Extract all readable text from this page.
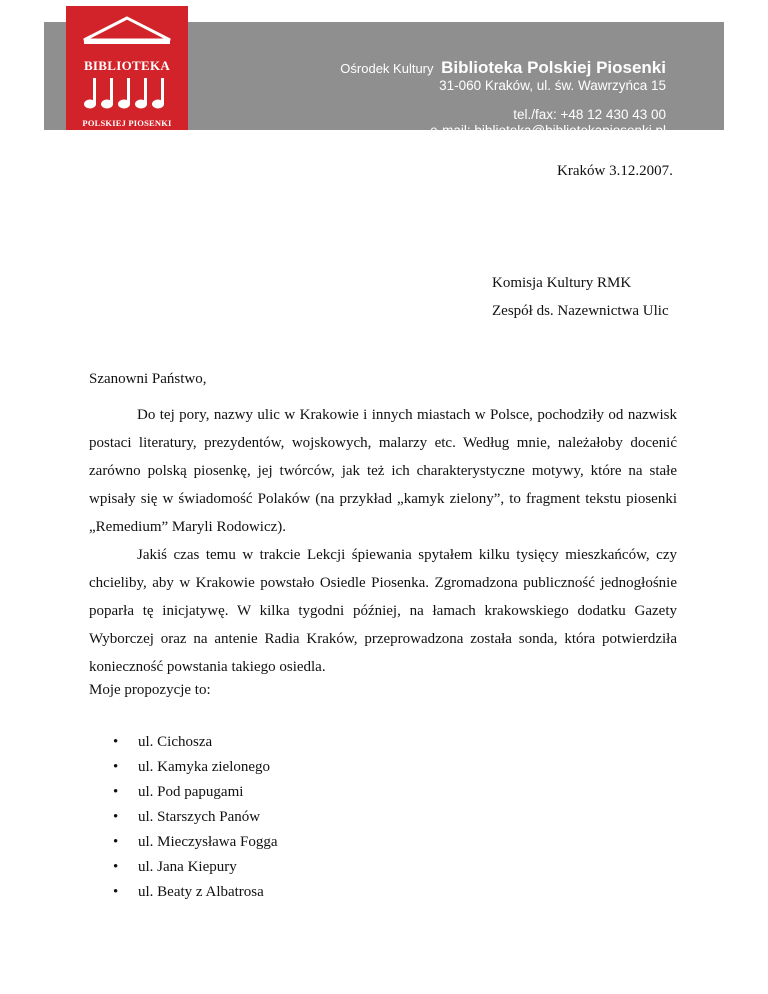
Ośrodek Kultury Biblioteka Polskiej Piosenki
31-060 Kraków, ul. św. Wawrzyńca 15
tel./fax: +48 12 430 43 00
e-mail: biblioteka@bibliotekapiosenki.pl
BIBLIOTEKA
POLSKIEJ PIOSENKI
Kraków 3.12.2007.
Komisja Kultury RMK
Zespół ds. Nazewnictwa Ulic
Szanowni Państwo,

Do tej pory, nazwy ulic w Krakowie i innych miastach w Polsce, pochodziły od nazwisk postaci literatury, prezydentów, wojskowych, malarzy etc. Według mnie, należałoby docenić zarówno polską piosenkę, jej twórców, jak też ich charakterystyczne motywy, które na stałe wpisały się w świadomość Polaków (na przykład „kamyk zielony”, to fragment tekstu piosenki „Remedium” Maryli Rodowicz).

Jakiś czas temu w trakcie Lekcji śpiewania spytałem kilku tysięcy mieszkańców, czy chcieliby, aby w Krakowie powstało Osiedle Piosenka. Zgromadzona publiczność jednogłośnie poparła tę inicjatywę. W kilka tygodni później, na łamach krakowskiego dodatku Gazety Wyborczej oraz na antenie Radia Kraków, przeprowadzona została sonda, która potwierdziła konieczność powstania takiego osiedla.

Moje propozycje to:
• ul. Cichosza
• ul. Kamyka zielonego
• ul. Pod papugami
• ul. Starszych Panów
• ul. Mieczysława Fogga
• ul. Jana Kiepury
• ul. Beaty z Albatrosa
